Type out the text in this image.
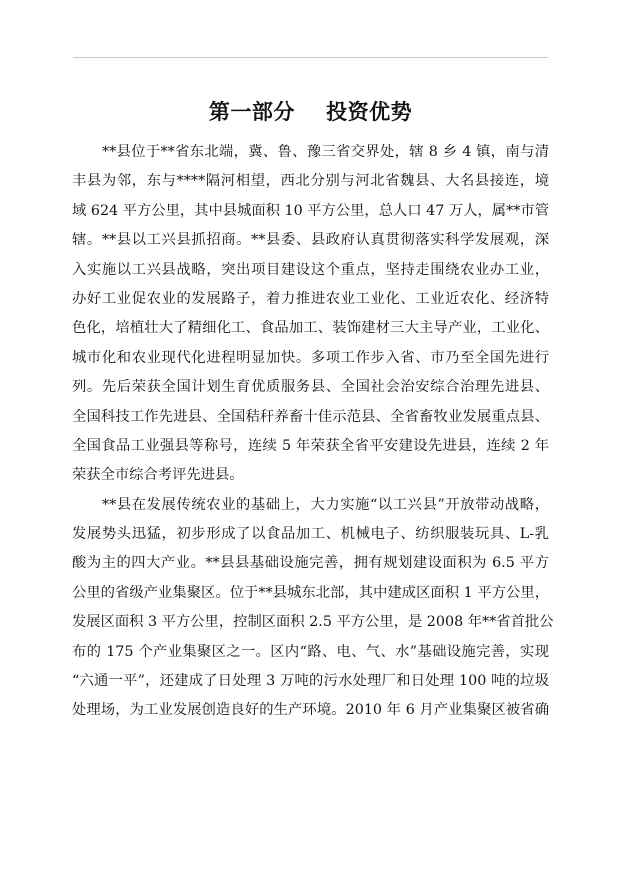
第一部分    投资优势
**县位于**省东北端，冀、鲁、豫三省交界处，辖 8 乡 4 镇，南与清
丰县为邻，东与****隔河相望，西北分别与河北省魏县、大名县接连，境
域 624 平方公里，其中县城面积 10 平方公里，总人口 47 万人，属**市管
辖。**县以工兴县抓招商。**县委、县政府认真贯彻落实科学发展观，深
入实施以工兴县战略，突出项目建设这个重点，坚持走围绕农业办工业，
办好工业促农业的发展路子，着力推进农业工业化、工业近农化、经济特
色化，培植壮大了精细化工、食品加工、装饰建材三大主导产业，工业化、
城市化和农业现代化进程明显加快。多项工作步入省、市乃至全国先进行
列。先后荣获全国计划生育优质服务县、全国社会治安综合治理先进县、
全国科技工作先进县、全国秸秆养畜十佳示范县、全省畜牧业发展重点县、
全国食品工业强县等称号，连续 5 年荣获全省平安建设先进县，连续 2 年
荣获全市综合考评先进县。
**县在发展传统农业的基础上，大力实施“以工兴县”开放带动战略，
发展势头迅猛，初步形成了以食品加工、机械电子、纺织服装玩具、L-乳
酸为主的四大产业。**县县基础设施完善，拥有规划建设面积为 6.5 平方
公里的省级产业集聚区。位于**县城东北部，其中建成区面积 1 平方公里，
发展区面积 3 平方公里，控制区面积 2.5 平方公里，是 2008 年**省首批公
布的 175 个产业集聚区之一。区内“路、电、气、水”基础设施完善，实现
“六通一平”，还建成了日处理 3 万吨的污水处理厂和日处理 100 吨的垃圾
处理场，为工业发展创造良好的生产环境。2010 年 6 月产业集聚区被省确
